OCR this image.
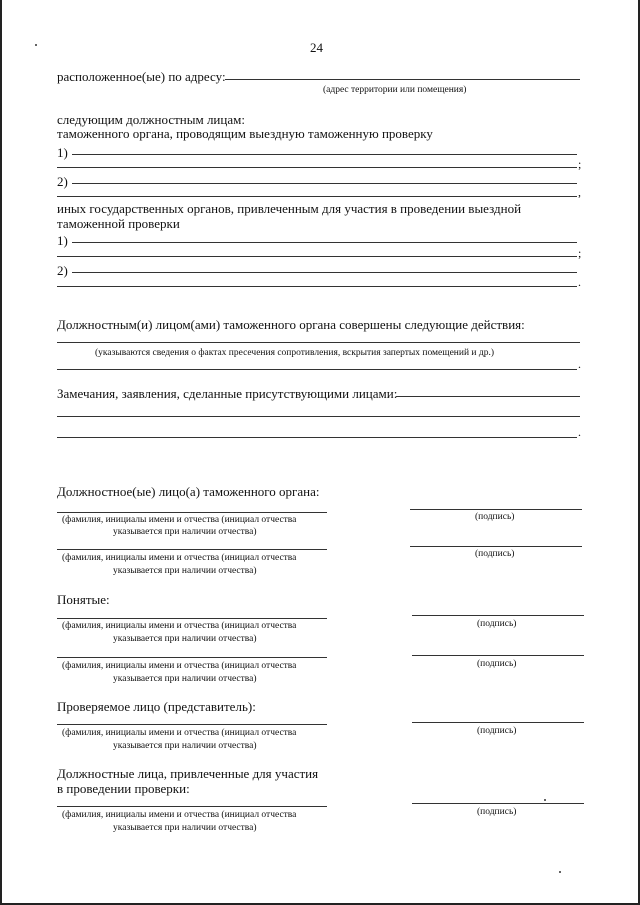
24
расположенное(ые) по адресу:
(адрес территории или помещения)
следующим должностным лицам:
таможенного органа, проводящим выездную таможенную проверку
1)
;
2)
,
иных государственных органов, привлеченным для участия в проведении выездной
таможенной проверки
1)
;
2)
.
Должностным(и) лицом(ами) таможенного органа совершены следующие действия:
(указываются сведения о фактах пресечения сопротивления, вскрытия запертых помещений и др.)
.
Замечания, заявления, сделанные присутствующими лицами:
.
Должностное(ые) лицо(а) таможенного органа:
(фамилия, инициалы имени и отчества (инициал отчества
указывается при наличии отчества)
(подпись)
(фамилия, инициалы имени и отчества (инициал отчества
указывается при наличии отчества)
(подпись)
Понятые:
(фамилия, инициалы имени и отчества (инициал отчества
указывается при наличии отчества)
(подпись)
(фамилия, инициалы имени и отчества (инициал отчества
указывается при наличии отчества)
(подпись)
Проверяемое лицо (представитель):
(фамилия, инициалы имени и отчества (инициал отчества
указывается при наличии отчества)
(подпись)
Должностные лица, привлеченные для участия
в проведении проверки:
(фамилия, инициалы имени и отчества (инициал отчества
указывается при наличии отчества)
(подпись)
